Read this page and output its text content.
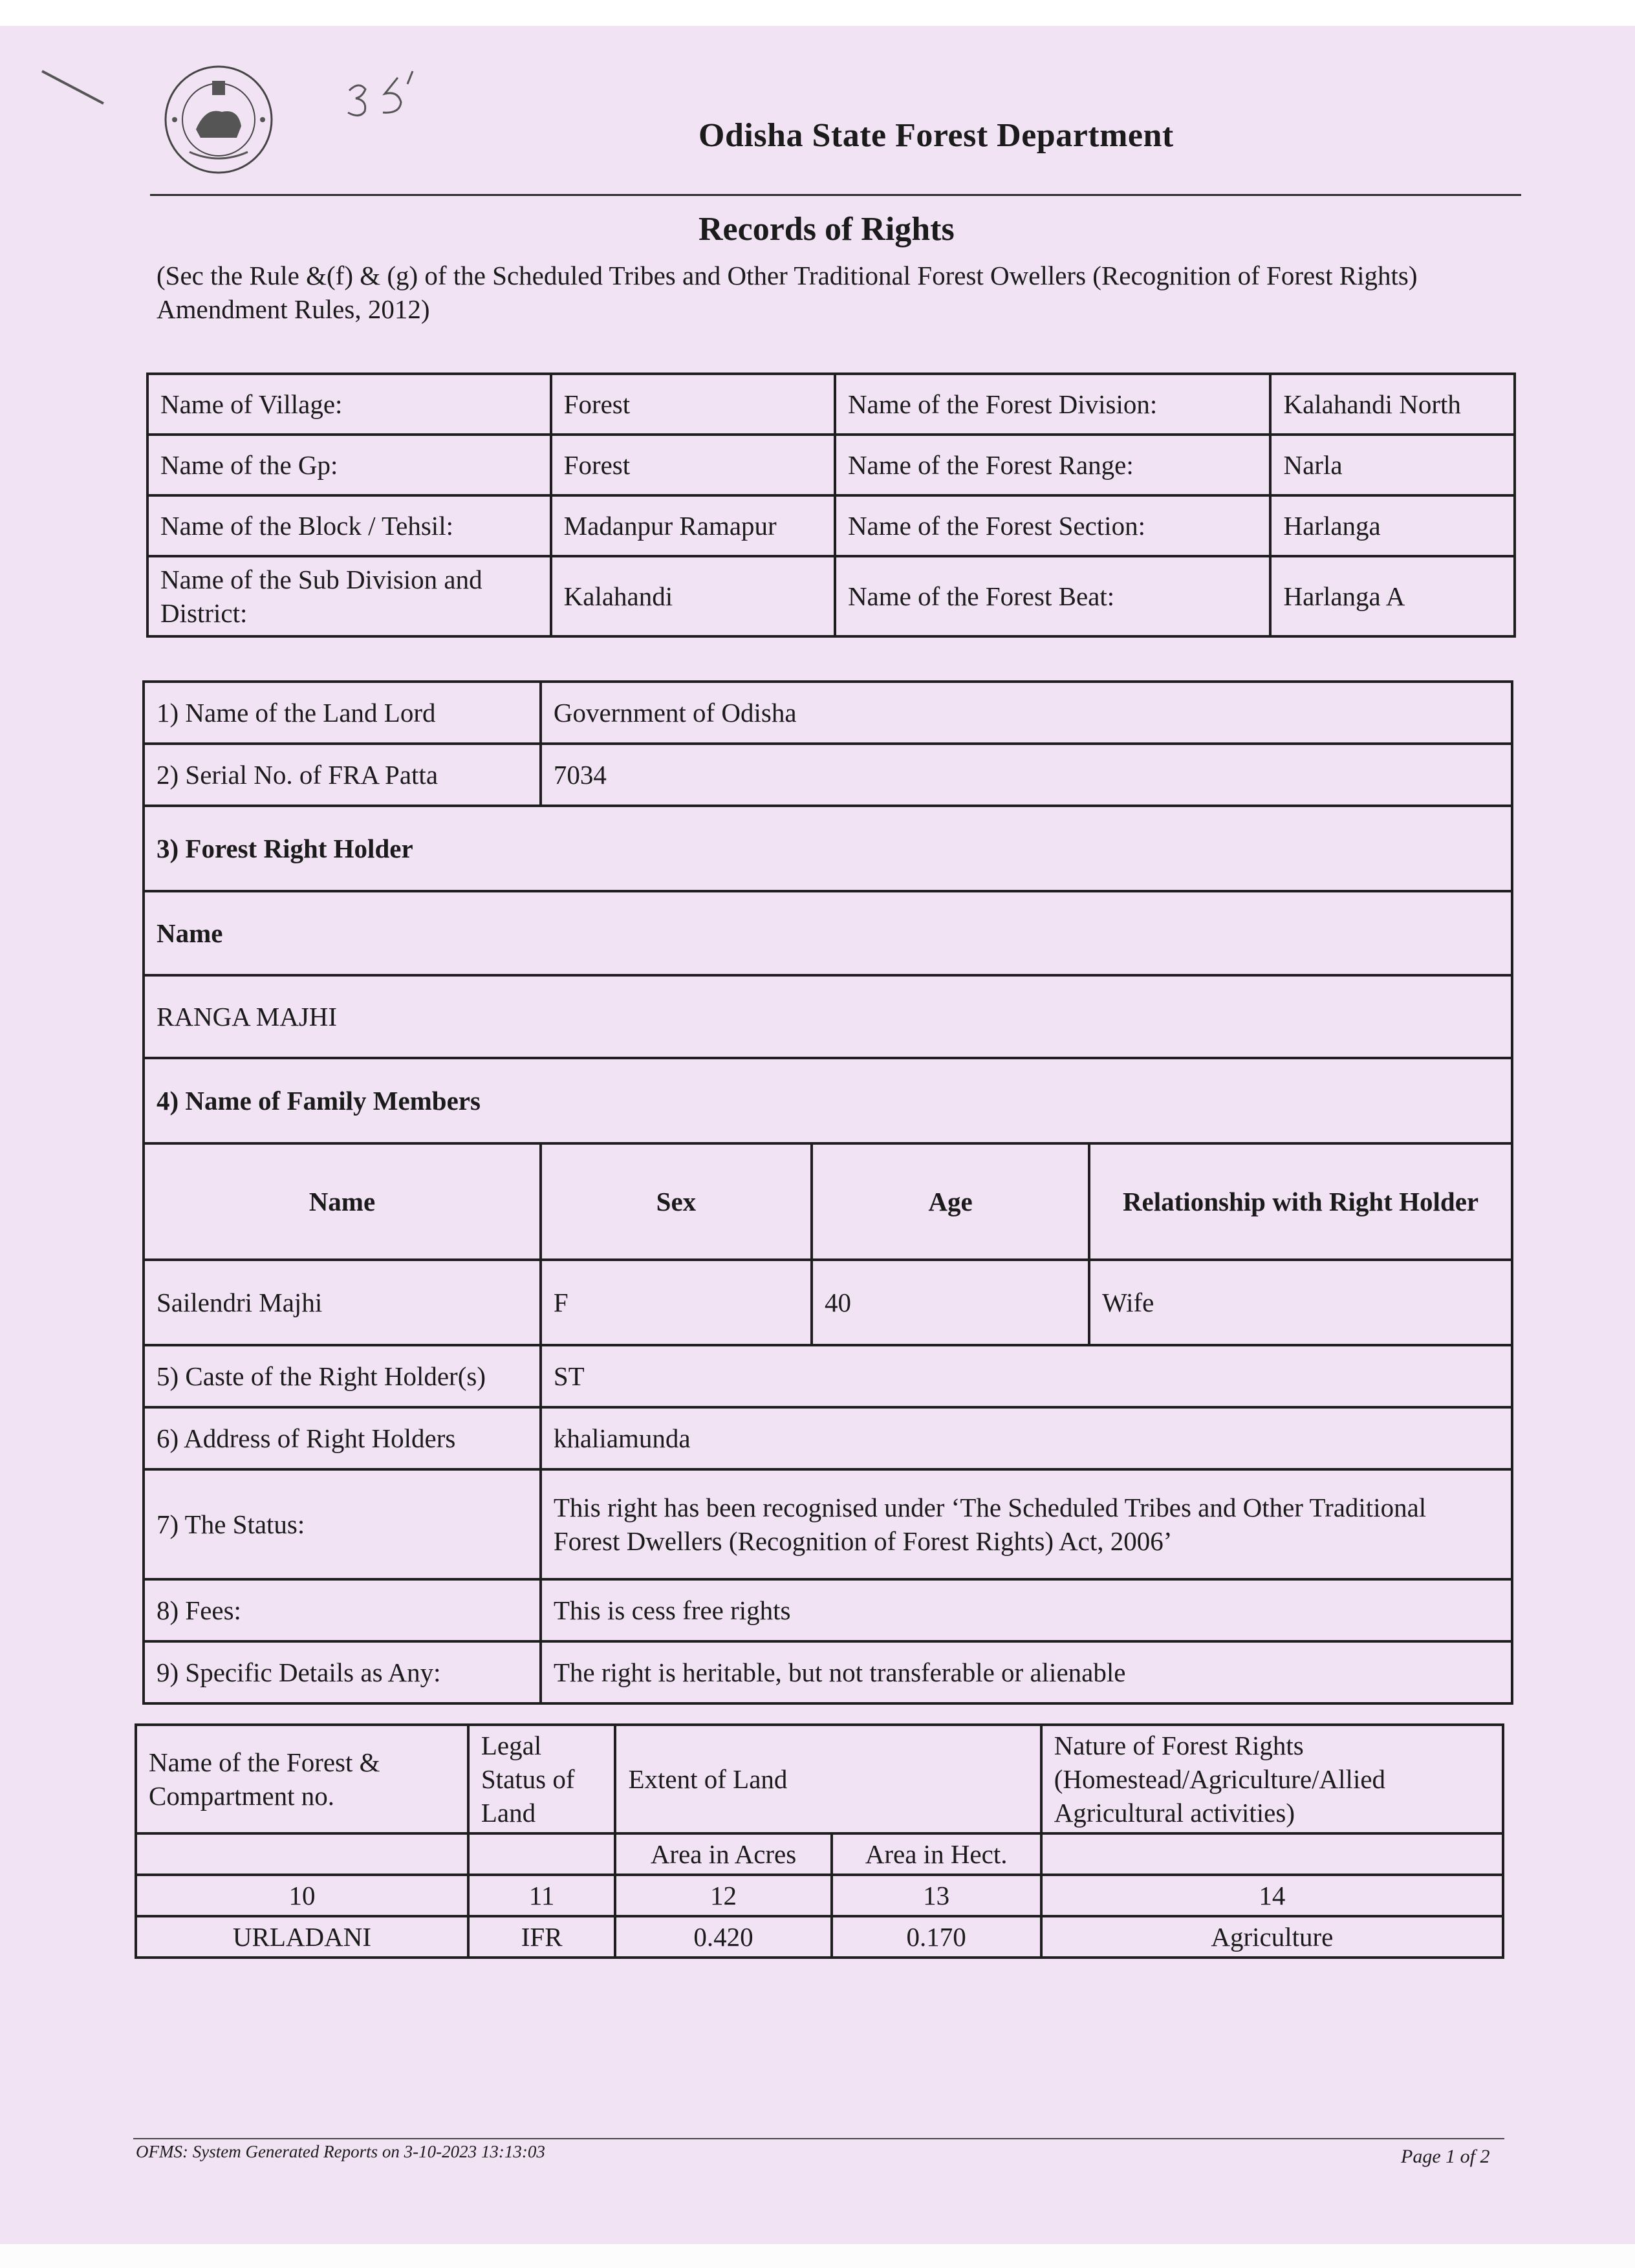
Odisha State Forest Department
Records of Rights
(Sec the Rule &(f) & (g) of the Scheduled Tribes and Other Traditional Forest Owellers (Recognition of Forest Rights) Amendment Rules, 2012)
Name of Village:	Forest	Name of the Forest Division:	Kalahandi North
Name of the Gp:	Forest	Name of the Forest Range:	Narla
Name of the Block / Tehsil:	Madanpur Ramapur	Name of the Forest Section:	Harlanga
Name of the Sub Division and District:	Kalahandi	Name of the Forest Beat:	Harlanga A
1) Name of the Land Lord	Government of Odisha		
2) Serial No. of FRA Patta	7034		
3) Forest Right Holder			
Name			
RANGA MAJHI			
4) Name of Family Members			
Name	Sex	Age	Relationship with Right Holder
Sailendri Majhi	F	40	Wife
5) Caste of the Right Holder(s)	ST		
6) Address of Right Holders	khaliamunda		
7) The Status:	This right has been recognised under ‘The Scheduled Tribes and Other Traditional
Forest Dwellers (Recognition of Forest Rights) Act, 2006’		

8) Fees:	This is cess free rights		
9) Specific Details as Any:	The right is heritable, but not transferable or alienable		
Name of the Forest & Compartment no.	Legal Status of Land	Extent of Land		Nature of Forest Rights (Homestead/Agriculture/Allied Agricultural activities)
		Area in Acres	Area in Hect.	
10	11	12	13	14
URLADANI	IFR	0.420	0.170	Agriculture
OFMS: System Generated Reports on 3-10-2023 13:13:03	Page 1 of 2
